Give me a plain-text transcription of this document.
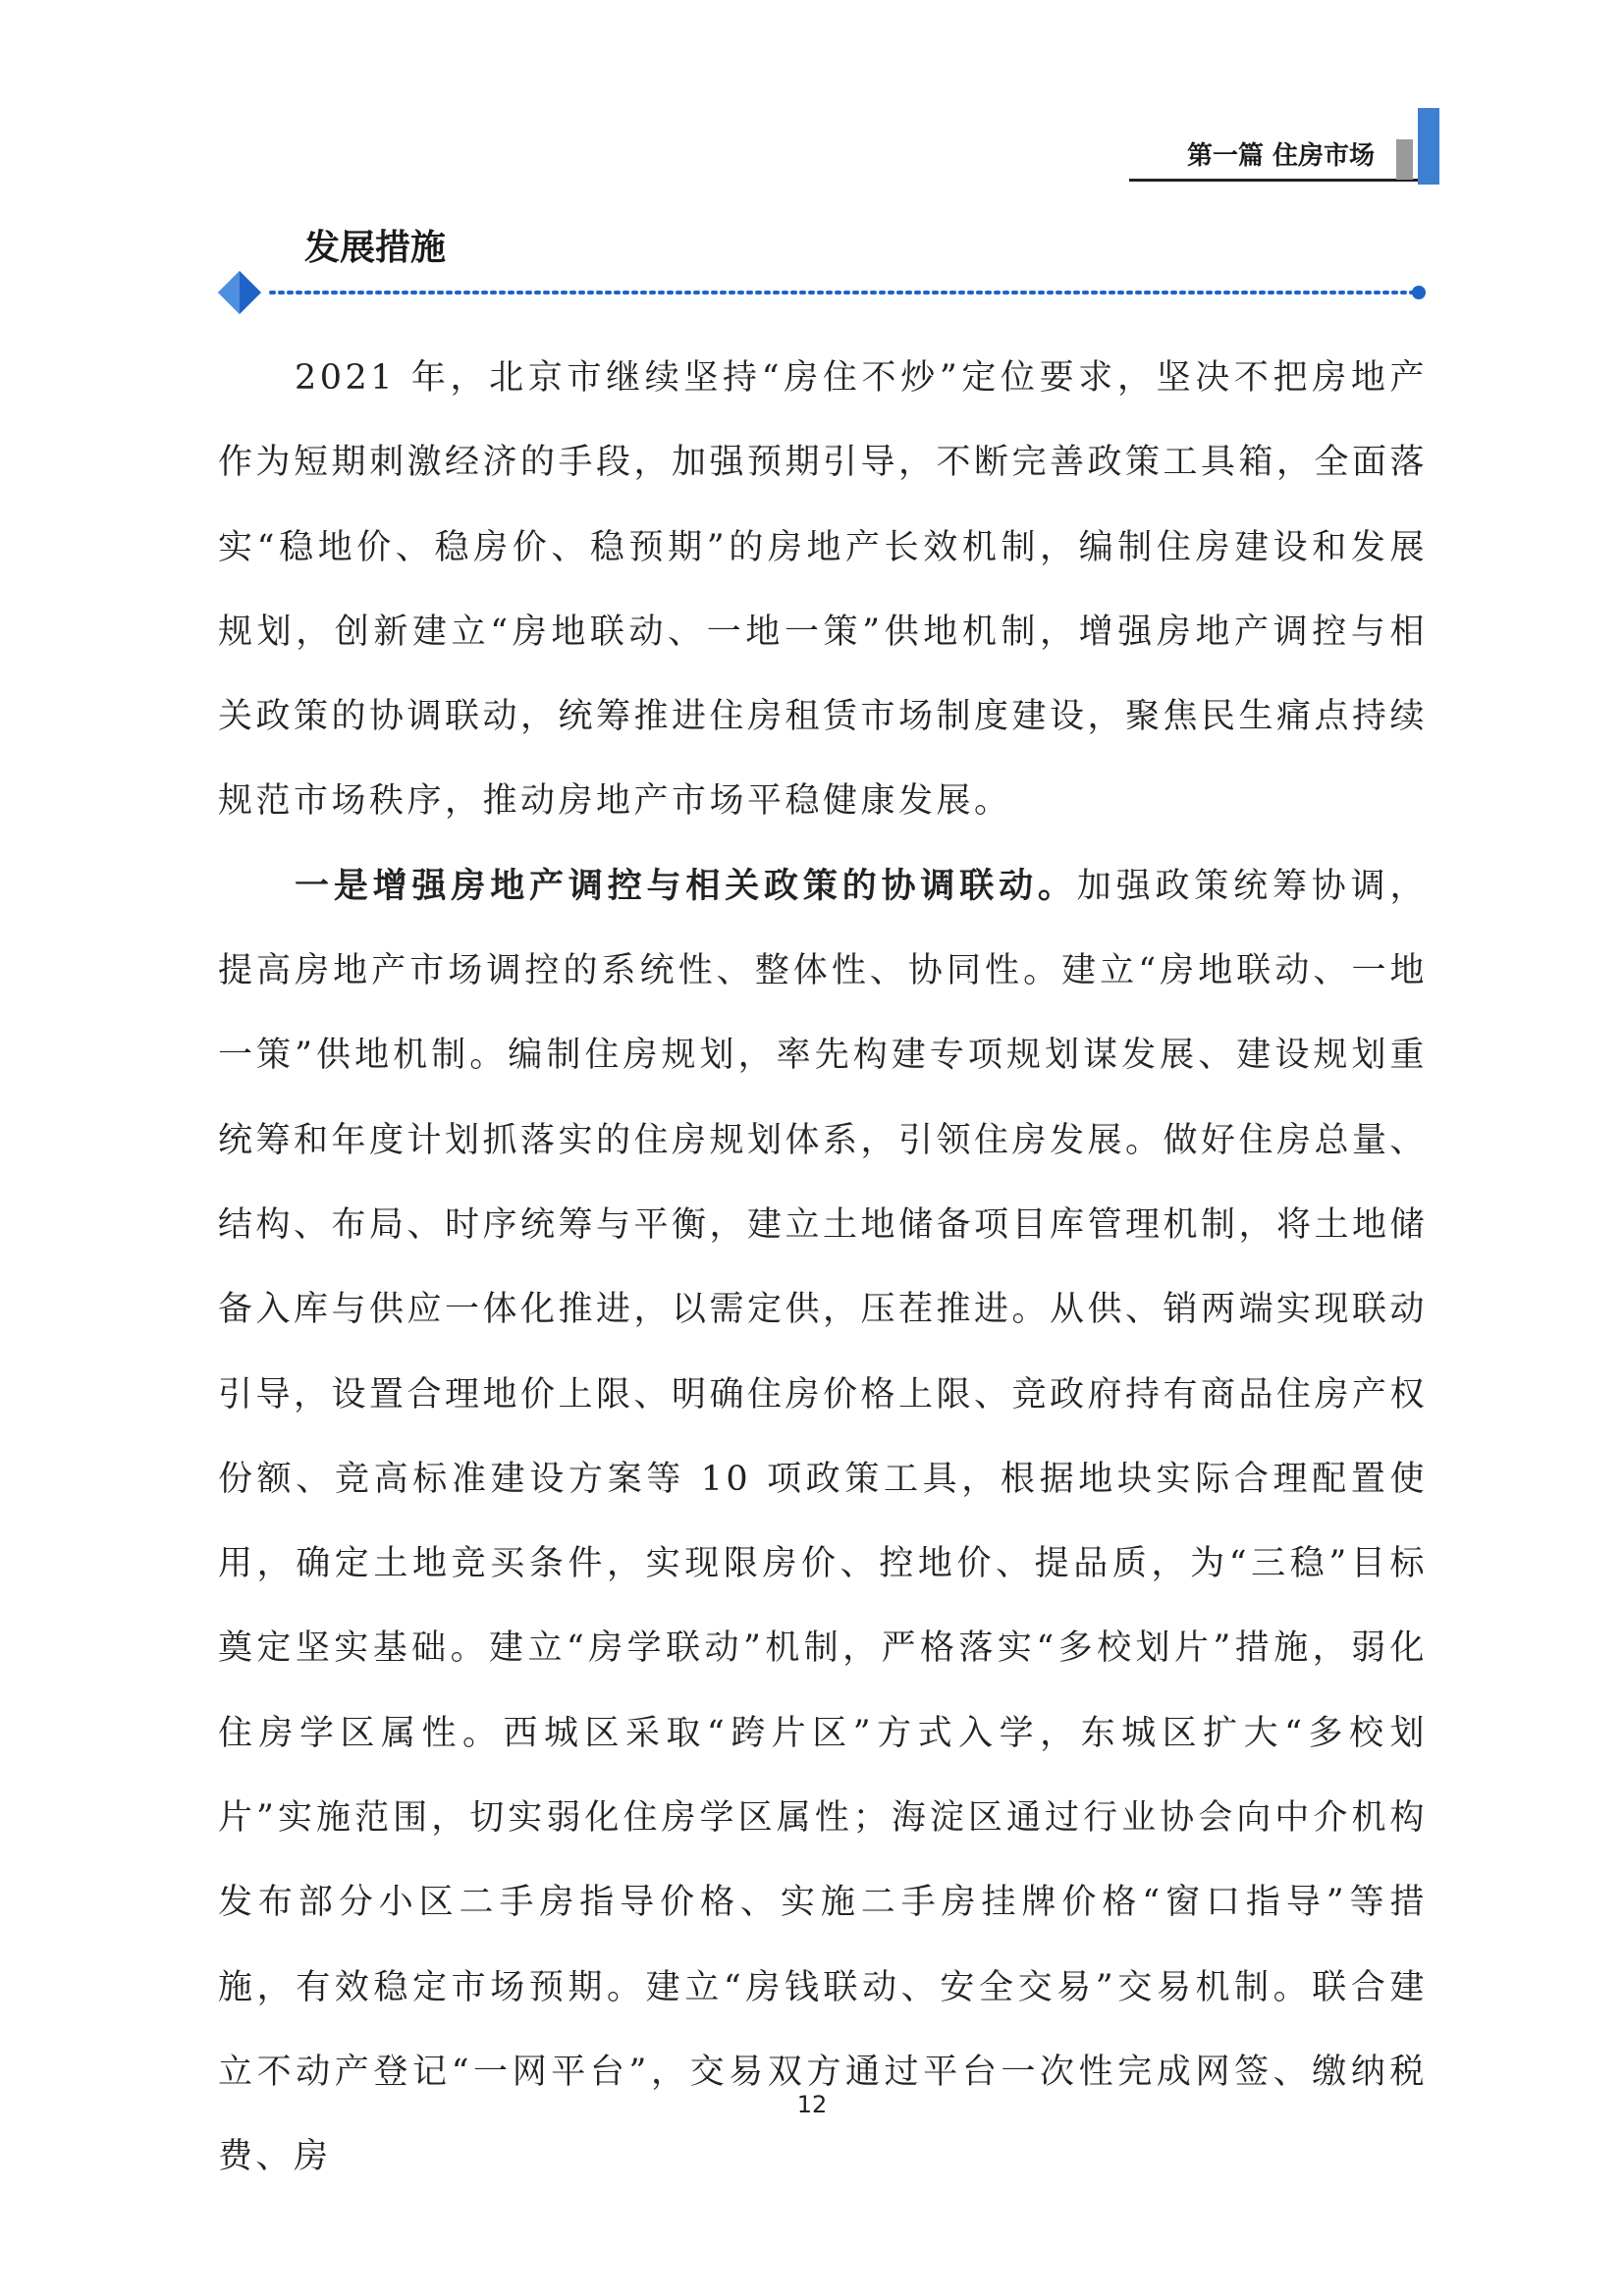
第一篇 住房市场
发展措施

2021 年，北京市继续坚持“房住不炒”定位要求，坚决不把房地产作为短期刺激经济的手段，加强预期引导，不断完善政策工具箱，全面落实“稳地价、稳房价、稳预期”的房地产长效机制，编制住房建设和发展规划，创新建立“房地联动、一地一策”供地机制，增强房地产调控与相关政策的协调联动，统筹推进住房租赁市场制度建设，聚焦民生痛点持续规范市场秩序，推动房地产市场平稳健康发展。

一是增强房地产调控与相关政策的协调联动。加强政策统筹协调，提高房地产市场调控的系统性、整体性、协同性。建立“房地联动、一地一策”供地机制。编制住房规划，率先构建专项规划谋发展、建设规划重统筹和年度计划抓落实的住房规划体系，引领住房发展。做好住房总量、结构、布局、时序统筹与平衡，建立土地储备项目库管理机制，将土地储备入库与供应一体化推进，以需定供，压茬推进。从供、销两端实现联动引导，设置合理地价上限、明确住房价格上限、竞政府持有商品住房产权份额、竞高标准建设方案等 10 项政策工具，根据地块实际合理配置使用，确定土地竞买条件，实现限房价、控地价、提品质，为“三稳”目标奠定坚实基础。建立“房学联动”机制，严格落实“多校划片”措施，弱化住房学区属性。西城区采取“跨片区”方式入学，东城区扩大“多校划片”实施范围，切实弱化住房学区属性；海淀区通过行业协会向中介机构发布部分小区二手房指导价格、实施二手房挂牌价格“窗口指导”等措施，有效稳定市场预期。建立“房钱联动、安全交易”交易机制。联合建立不动产登记“一网平台”，交易双方通过平台一次性完成网签、缴纳税费、房

12
